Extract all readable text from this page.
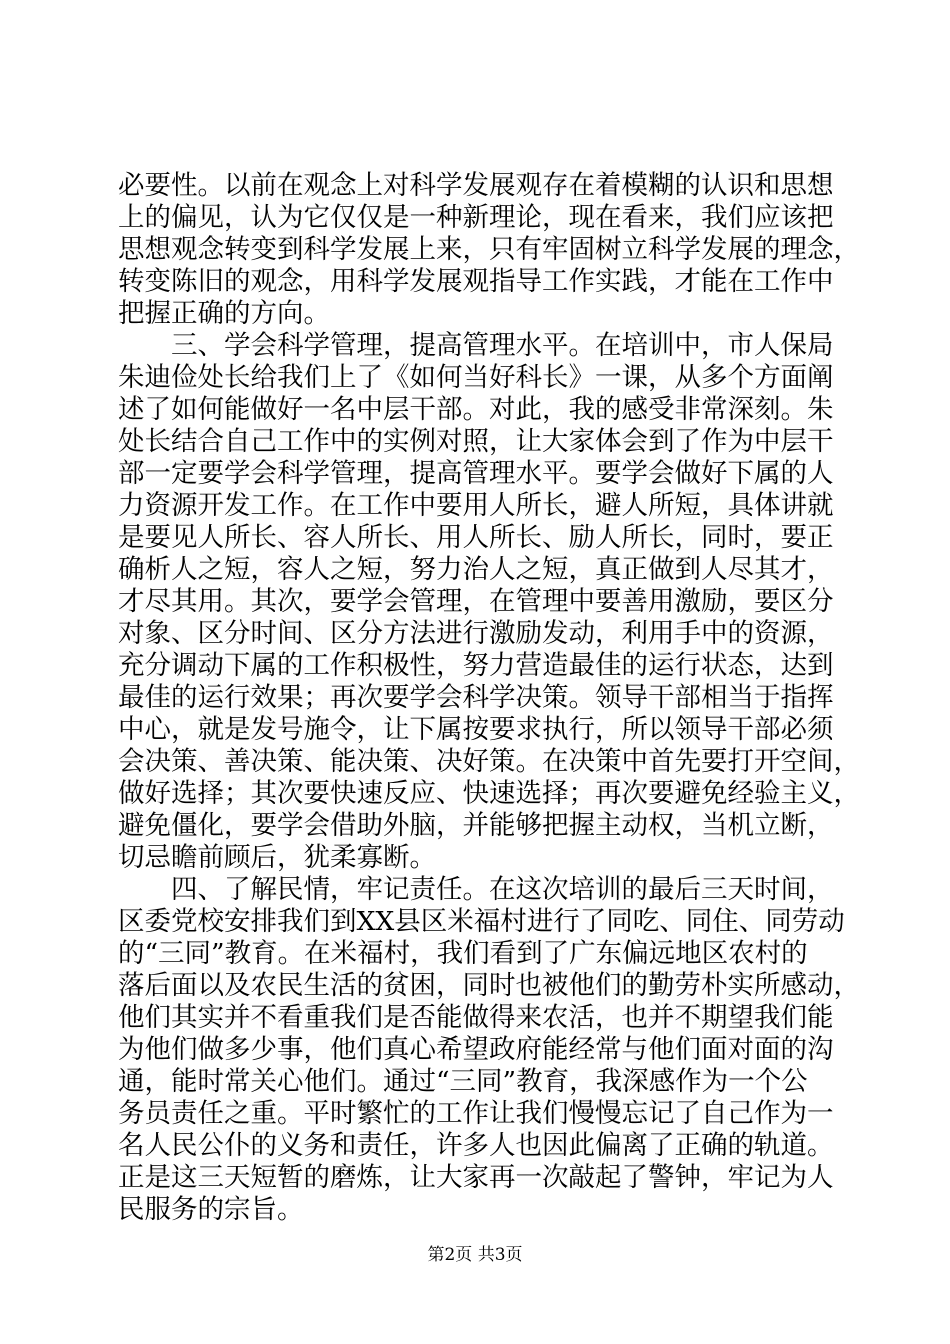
必要性。以前在观念上对科学发展观存在着模糊的认识和思想
上的偏见，认为它仅仅是一种新理论，现在看来，我们应该把
思想观念转变到科学发展上来，只有牢固树立科学发展的理念，
转变陈旧的观念，用科学发展观指导工作实践，才能在工作中
把握正确的方向。
　　三、学会科学管理，提高管理水平。在培训中，市人保局
朱迪俭处长给我们上了《如何当好科长》一课，从多个方面阐
述了如何能做好一名中层干部。对此，我的感受非常深刻。朱
处长结合自己工作中的实例对照，让大家体会到了作为中层干
部一定要学会科学管理，提高管理水平。要学会做好下属的人
力资源开发工作。在工作中要用人所长，避人所短，具体讲就
是要见人所长、容人所长、用人所长、励人所长，同时，要正
确析人之短，容人之短，努力治人之短，真正做到人尽其才，
才尽其用。其次，要学会管理，在管理中要善用激励，要区分
对象、区分时间、区分方法进行激励发动，利用手中的资源，
充分调动下属的工作积极性，努力营造最佳的运行状态，达到
最佳的运行效果；再次要学会科学决策。领导干部相当于指挥
中心，就是发号施令，让下属按要求执行，所以领导干部必须
会决策、善决策、能决策、决好策。在决策中首先要打开空间，
做好选择；其次要快速反应、快速选择；再次要避免经验主义，
避免僵化，要学会借助外脑，并能够把握主动权，当机立断，
切忌瞻前顾后，犹柔寡断。
　　四、了解民情，牢记责任。在这次培训的最后三天时间，
区委党校安排我们到XX县区米福村进行了同吃、同住、同劳动
的“三同”教育。在米福村，我们看到了广东偏远地区农村的
落后面以及农民生活的贫困，同时也被他们的勤劳朴实所感动，
他们其实并不看重我们是否能做得来农活，也并不期望我们能
为他们做多少事，他们真心希望政府能经常与他们面对面的沟
通，能时常关心他们。通过“三同”教育，我深感作为一个公
务员责任之重。平时繁忙的工作让我们慢慢忘记了自己作为一
名人民公仆的义务和责任，许多人也因此偏离了正确的轨道。
正是这三天短暂的磨炼，让大家再一次敲起了警钟，牢记为人
民服务的宗旨。
第2页 共3页
